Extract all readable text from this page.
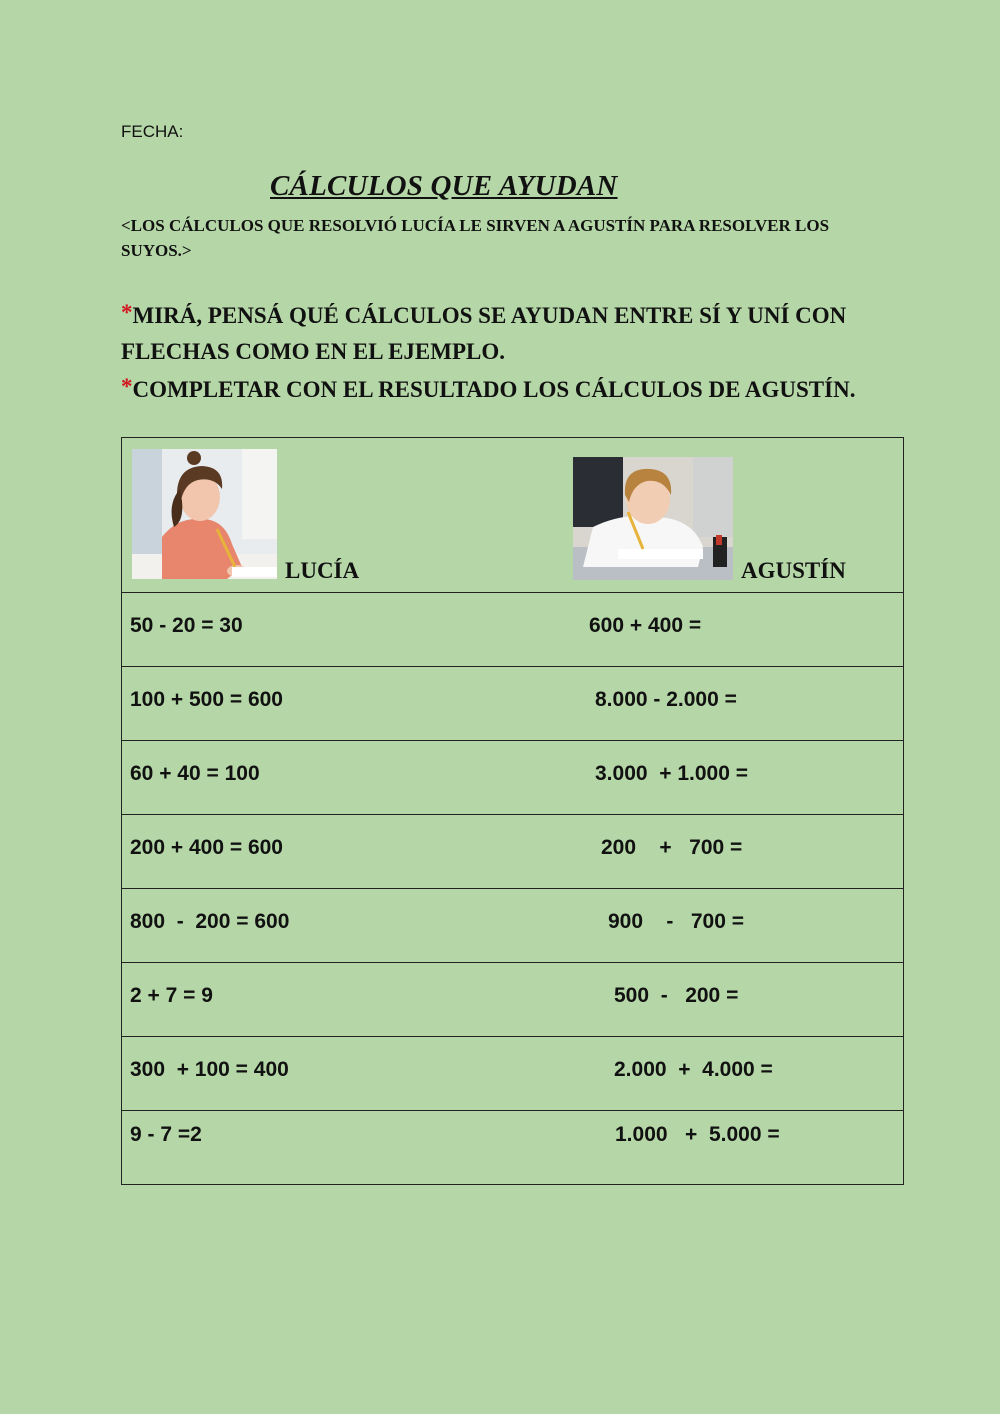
FECHA:
CÁLCULOS QUE AYUDAN
<LOS CÁLCULOS QUE RESOLVIÓ LUCÍA LE SIRVEN A AGUSTÍN PARA RESOLVER LOS SUYOS.>
*MIRÁ, PENSÁ QUÉ CÁLCULOS SE AYUDAN ENTRE SÍ Y UNÍ CON FLECHAS COMO EN EL EJEMPLO.
*COMPLETAR CON EL RESULTADO LOS CÁLCULOS DE AGUSTÍN.
LUCÍA	AGUSTÍN

50 - 20 = 30	600 + 400 =

100 + 500 = 600	8.000 - 2.000 =

60 + 40 = 100	3.000  + 1.000 =

200 + 400 = 600	200    +   700 =

800  -  200 = 600	900    -   700 =

2 + 7 = 9	500  -   200 =

300  + 100 = 400	2.000  +  4.000 =

9 - 7 =2	1.000   +  5.000 =
